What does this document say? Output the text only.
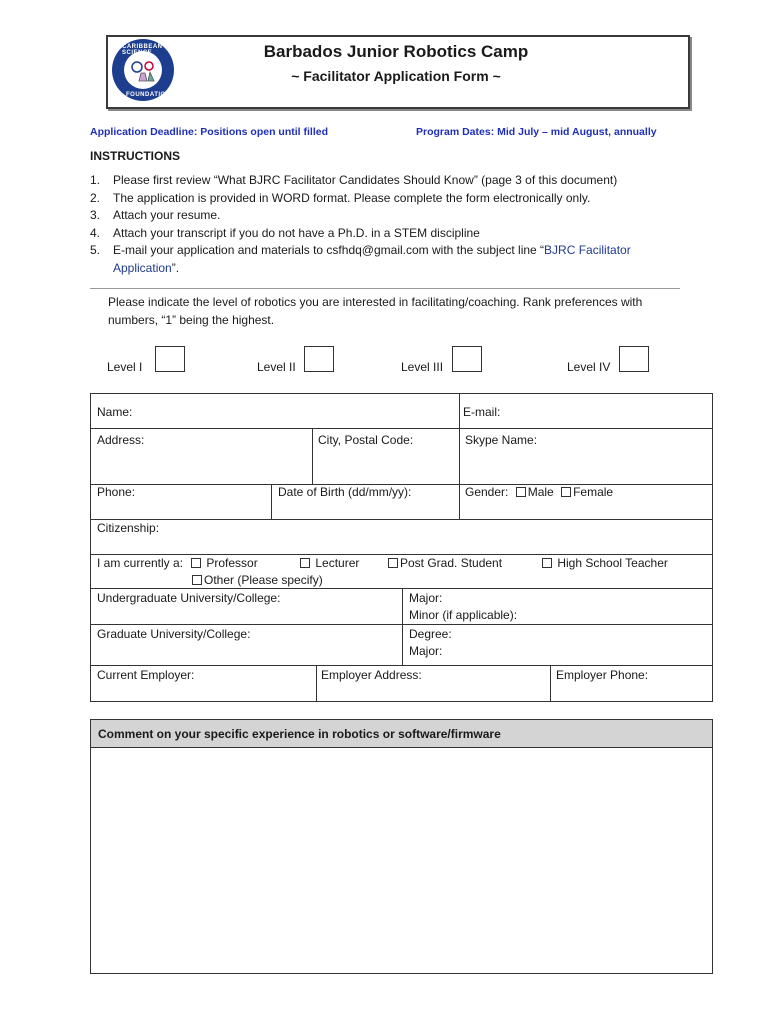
CARIBBEAN SCIENCE
FOUNDATION
Barbados Junior Robotics Camp
~ Facilitator Application Form ~
Application Deadline: Positions open until filled	Program Dates: Mid July – mid August, annually
INSTRUCTIONS
1.	Please first review “What BJRC Facilitator Candidates Should Know” (page 3 of this document)
2.	The application is provided in WORD format. Please complete the form electronically only.
3.	Attach your resume.
4.	Attach your transcript if you do not have a Ph.D. in a STEM discipline
5.	E-mail your application and materials to csfhdq@gmail.com with the subject line “BJRC Facilitator Application”.
Please indicate the level of robotics you are interested in facilitating/coaching. Rank preferences with numbers, “1” being the highest.
Level I	Level II	Level III	Level IV
Name:	E-mail:
Address:	City, Postal Code:	Skype Name:
Phone:	Date of Birth (dd/mm/yy):	Gender: Male Female
Citizenship:
I am currently a:	Professor	Lecturer	Post Grad. Student	High School Teacher
Other (Please specify)
Undergraduate University/College:	Major:
Minor (if applicable):
Graduate University/College:	Degree:
Major:
Current Employer:	Employer Address:	Employer Phone:
Comment on your specific experience in robotics or software/firmware
